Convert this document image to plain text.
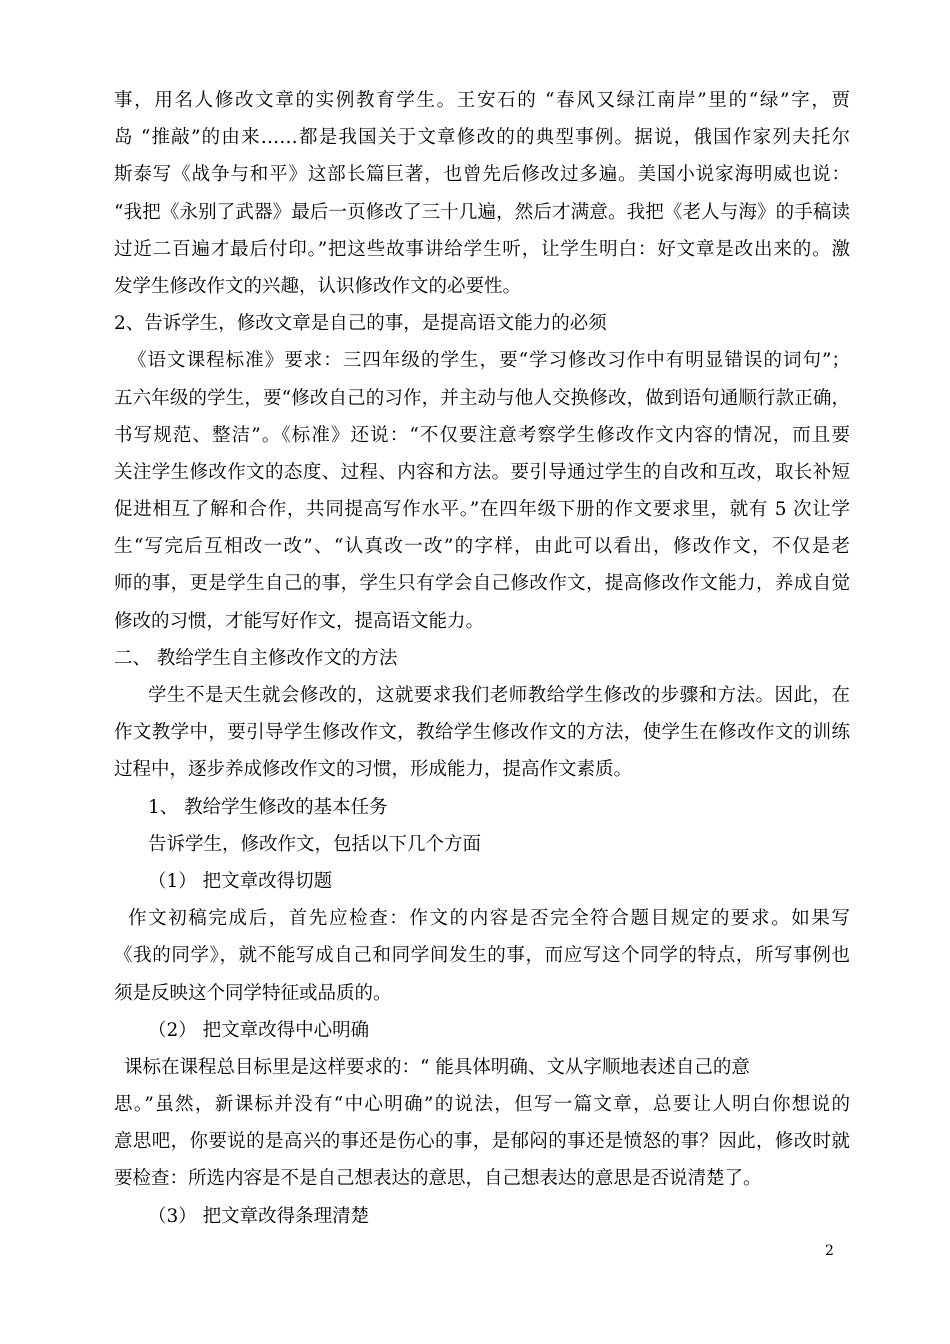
事，用名人修改文章的实例教育学生。王安石的 “春风又绿江南岸”里的“绿”字，贾
岛 “推敲”的由来……都是我国关于文章修改的的典型事例。据说，俄国作家列夫托尔
斯泰写《战争与和平》这部长篇巨著，也曾先后修改过多遍。美国小说家海明威也说：
“我把《永别了武器》最后一页修改了三十几遍，然后才满意。我把《老人与海》的手稿读
过近二百遍才最后付印。”把这些故事讲给学生听，让学生明白：好文章是改出来的。激
发学生修改作文的兴趣，认识修改作文的必要性。
2、告诉学生，修改文章是自己的事，是提高语文能力的必须
《语文课程标准》要求：三四年级的学生，要“学习修改习作中有明显错误的词句”；
五六年级的学生，要“修改自己的习作，并主动与他人交换修改，做到语句通顺行款正确，
书写规范、整洁”。《标准》还说：“不仅要注意考察学生修改作文内容的情况，而且要
关注学生修改作文的态度、过程、内容和方法。要引导通过学生的自改和互改，取长补短
促进相互了解和合作，共同提高写作水平。”在四年级下册的作文要求里，就有 5 次让学
生“写完后互相改一改”、“认真改一改”的字样，由此可以看出，修改作文，不仅是老
师的事，更是学生自己的事，学生只有学会自己修改作文，提高修改作文能力，养成自觉
修改的习惯，才能写好作文，提高语文能力。
二、 教给学生自主修改作文的方法
学生不是天生就会修改的，这就要求我们老师教给学生修改的步骤和方法。因此，在
作文教学中，要引导学生修改作文，教给学生修改作文的方法，使学生在修改作文的训练
过程中，逐步养成修改作文的习惯，形成能力，提高作文素质。
1、 教给学生修改的基本任务
告诉学生，修改作文，包括以下几个方面
（1） 把文章改得切题
作文初稿完成后，首先应检查：作文的内容是否完全符合题目规定的要求。如果写
《我的同学》，就不能写成自己和同学间发生的事，而应写这个同学的特点，所写事例也
须是反映这个同学特征或品质的。
（2） 把文章改得中心明确
课标在课程总目标里是这样要求的：“ 能具体明确、文从字顺地表述自己的意
思。”虽然，新课标并没有“中心明确”的说法，但写一篇文章，总要让人明白你想说的
意思吧，你要说的是高兴的事还是伤心的事，是郁闷的事还是愤怒的事？因此，修改时就
要检查：所选内容是不是自己想表达的意思，自己想表达的意思是否说清楚了。
（3） 把文章改得条理清楚
2
